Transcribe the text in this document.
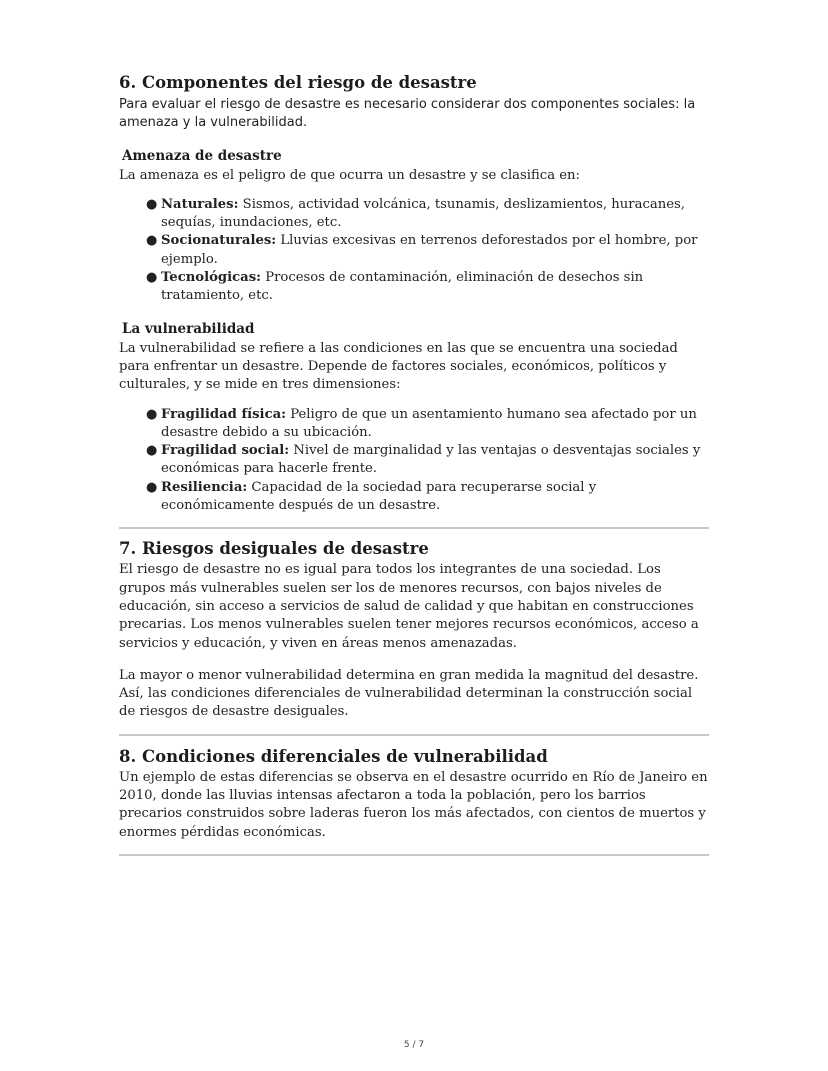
6. Componentes del riesgo de desastre

Para evaluar el riesgo de desastre es necesario considerar dos componentes sociales: la amenaza y la vulnerabilidad.

Amenaza de desastre

La amenaza es el peligro de que ocurra un desastre y se clasifica en:

● Naturales: Sismos, actividad volcánica, tsunamis, deslizamientos, huracanes, sequías, inundaciones, etc.
● Socionaturales: Lluvias excesivas en terrenos deforestados por el hombre, por ejemplo.
● Tecnológicas: Procesos de contaminación, eliminación de desechos sin tratamiento, etc.
La vulnerabilidad

La vulnerabilidad se refiere a las condiciones en las que se encuentra una sociedad para enfrentar un desastre. Depende de factores sociales, económicos, políticos y culturales, y se mide en tres dimensiones:

● Fragilidad física: Peligro de que un asentamiento humano sea afectado por un desastre debido a su ubicación.
● Fragilidad social: Nivel de marginalidad y las ventajas o desventajas sociales y económicas para hacerle frente.
● Resiliencia: Capacidad de la sociedad para recuperarse social y económicamente después de un desastre.
7. Riesgos desiguales de desastre

El riesgo de desastre no es igual para todos los integrantes de una sociedad. Los grupos más vulnerables suelen ser los de menores recursos, con bajos niveles de educación, sin acceso a servicios de salud de calidad y que habitan en construcciones precarias. Los menos vulnerables suelen tener mejores recursos económicos, acceso a servicios y educación, y viven en áreas menos amenazadas.

La mayor o menor vulnerabilidad determina en gran medida la magnitud del desastre. Así, las condiciones diferenciales de vulnerabilidad determinan la construcción social de riesgos de desastre desiguales.

8. Condiciones diferenciales de vulnerabilidad

Un ejemplo de estas diferencias se observa en el desastre ocurrido en Río de Janeiro en 2010, donde las lluvias intensas afectaron a toda la población, pero los barrios precarios construidos sobre laderas fueron los más afectados, con cientos de muertos y enormes pérdidas económicas.

5 / 7
